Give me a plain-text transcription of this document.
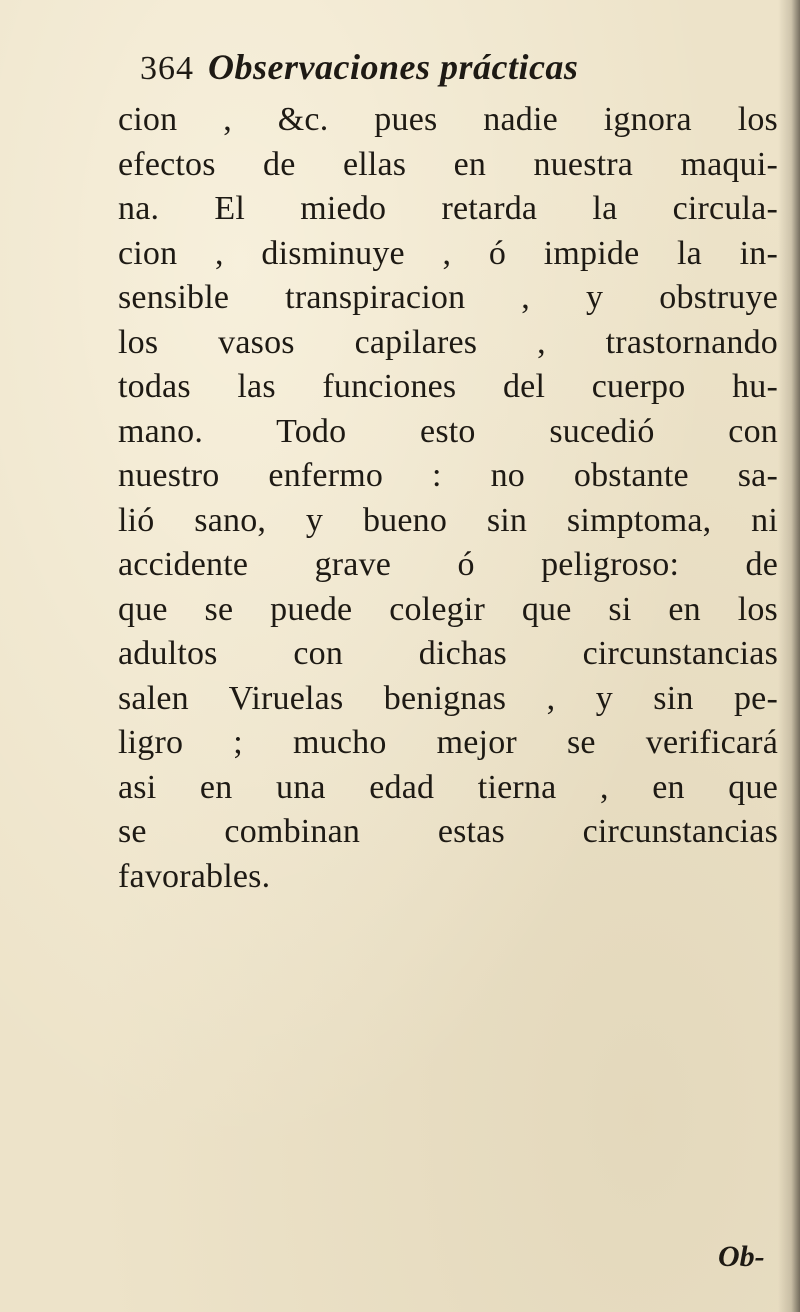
364 Observaciones prácticas
cion , &c. pues nadie ignora los
efectos de ellas en nuestra maqui-
na. El miedo retarda la circula-
cion , disminuye , ó impide la in-
sensible transpiracion , y obstruye
los vasos capilares , trastornando
todas las funciones del cuerpo hu-
mano. Todo esto sucedió con
nuestro enfermo : no obstante sa-
lió sano, y bueno sin simptoma, ni
accidente grave ó peligroso: de
que se puede colegir que si en los
adultos con dichas circunstancias
salen Viruelas benignas , y sin pe-
ligro ; mucho mejor se verificará
asi en una edad tierna , en que
se combinan estas circunstancias
favorables.
Ob-
